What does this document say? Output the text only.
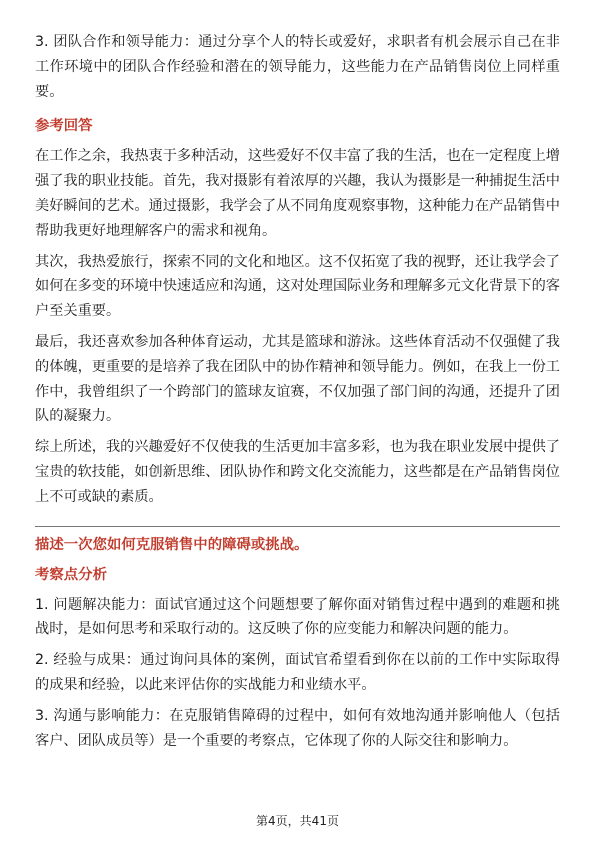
3. 团队合作和领导能力：通过分享个人的特长或爱好，求职者有机会展示自己在非工作环境中的团队合作经验和潜在的领导能力，这些能力在产品销售岗位上同样重要。

参考回答

在工作之余，我热衷于多种活动，这些爱好不仅丰富了我的生活，也在一定程度上增强了我的职业技能。首先，我对摄影有着浓厚的兴趣，我认为摄影是一种捕捉生活中美好瞬间的艺术。通过摄影，我学会了从不同角度观察事物，这种能力在产品销售中帮助我更好地理解客户的需求和视角。

其次，我热爱旅行，探索不同的文化和地区。这不仅拓宽了我的视野，还让我学会了如何在多变的环境中快速适应和沟通，这对处理国际业务和理解多元文化背景下的客户至关重要。

最后，我还喜欢参加各种体育运动，尤其是篮球和游泳。这些体育活动不仅强健了我的体魄，更重要的是培养了我在团队中的协作精神和领导能力。例如，在我上一份工作中，我曾组织了一个跨部门的篮球友谊赛，不仅加强了部门间的沟通，还提升了团队的凝聚力。

综上所述，我的兴趣爱好不仅使我的生活更加丰富多彩，也为我在职业发展中提供了宝贵的软技能，如创新思维、团队协作和跨文化交流能力，这些都是在产品销售岗位上不可或缺的素质。

描述一次您如何克服销售中的障碍或挑战。
考察点分析

1. 问题解决能力：面试官通过这个问题想要了解你面对销售过程中遇到的难题和挑战时，是如何思考和采取行动的。这反映了你的应变能力和解决问题的能力。

2. 经验与成果：通过询问具体的案例，面试官希望看到你在以前的工作中实际取得的成果和经验，以此来评估你的实战能力和业绩水平。

3. 沟通与影响能力：在克服销售障碍的过程中，如何有效地沟通并影响他人（包括客户、团队成员等）是一个重要的考察点，它体现了你的人际交往和影响力。

第4页，共41页
